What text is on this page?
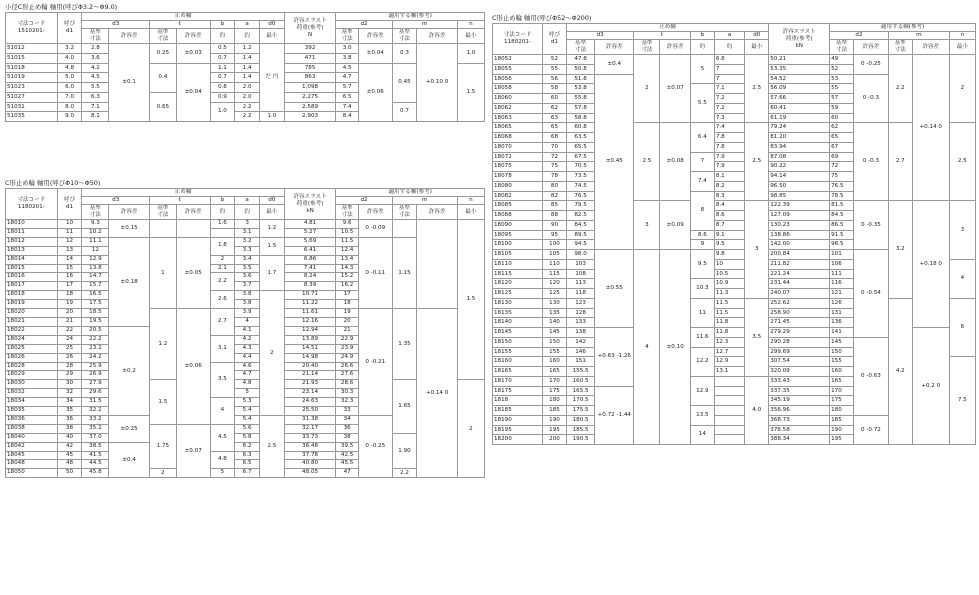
小径C形止め輪 軸用(呼びΦ3.2〜Φ9.0)
寸法コード
1510201-	呼び
d1	止め輪							許容スラスト
荷重(参考)
N	適用する軸(参考)				
		d3		t		b	a	d0		d2		m		n
		基準
寸法	許容差	基準
寸法	許容差	約	約	最小		基準
寸法	許容差	基準
寸法	許容差	最小
51012	3.2	2.8	±0.1	0.25	±0.03	0.5	1.2	だ 円	392	3.0	±0.04	0.3	+0.10 0	1.0
51015	4.0	3.6				0.7	1.4		471	3.8				
51018	4.8	4.2		0.4	±0.04	1.1	1.4		785	4.5	±0.06	0.45		1.5
51019	5.0	4.5				0.7	1.4		863	4.7				
51023	6.0	5.5				0.8	2.0		1,098	5.7				
51027	7.0	6.3		0.65		0.9	2.0		2,275	6.5				
51031	8.0	7.1				1.0	2.2		2,589	7.4		0.7		
51035	9.0	8.1					2.2	1.0	2,903	8.4				
C形止め輪 軸用(呼びΦ10〜Φ50)
寸法コード
1180201-	呼び
d1	止め輪							許容スラスト
荷重(参考)
kN	適用する軸(参考)				
		d3		t		b	a	d0		d2		m		n
		基準
寸法	許容差	基準
寸法	許容差	約	約	最小		基準
寸法	許容差	基準
寸法	許容差	最小
18010	10	9.3	±0.15			1.6	3	1.2	4.81	9.6	0 -0.09			1.5
18011	11	10.2					3.1		5.27	10.5				
18012	12	11.1	±0.18	1	±0.05	1.8	3.2	1.5	5.69	11.5	0 -0.11	1.15		
18013	13	12					3.3		6.41	12.4				
18014	14	12.9				2	3.4	1.7	6.86	13.4				
18015	15	13.8				2.1	3.5		7.41	14.3				
18016	16	14.7				2.2	3.6		8.24	15.2				
18017	17	15.7					3.7		8.39	16.2				
18018	18	16.5				2.6	3.8	2	10.71	17				
18019	19	17.5					3.8		11.22	18				
18020	20	18.5		1.2	±0.06	2.7	3.9		11.61	19	0 -0.21	1.35	+0.14 0	
18021	21	19.5					4		12.16	20				
18022	22	20.5	±0.2				4.1		12.94	21				
18024	24	22.2				3.1	4.2		13.89	22.9				
18025	25	23.2					4.3		14.51	23.9				
18026	26	24.2					4.4		14.98	24.9				
18028	28	25.9				3.5	4.6		20.40	26.6				
18029	29	26.9					4.7		21.14	27.6				
18030	30	27.9		1.5			4.8		21.93	28.6		1.65		2
18032	32	29.6					5		23.14	30.3				
18034	34	31.5				4	5.3		24.63	32.3				
18035	35	32.2					5.4		25.50	33				
18036	36	33.2	±0.25				5.4	2.5	31.38	34	0 -0.25			
18038	38	35.2		1.75	±0.07	4.5	5.6		32.17	36				
18040	40	37.0					5.8		33.73	38		1.90		
18042	42	38.5	±0.4				6.2		36.48	39.5				
18045	45	41.5				4.8	6.3		37.78	42.5				
18048	48	44.5					6.5		40.80	45.5				
18050	50	45.8		2		5	6.7		48.05	47		2.2		
C形止め輪 軸用(呼びΦ52〜Φ200)
寸法コード
1180201-	呼び
d1	止め輪							許容スラスト
荷重(参考)
kN	適用する軸(参考)				
		d3		t		b	a	d0		d2		m		n
		基準
寸法	許容差	基準
寸法	許容差	約	約	最小		基準
寸法	許容差	基準
寸法	許容差	最小
18052	52	47.8	±0.4	2	±0.07	5	6.8	2.5	50.21	49	0 -0.25	2.2	+0.14 0	2
18055	55	50.8					7		53.35	52				
18056	56	51.8	±0.45				7		54.52	53	0 -0.3			
18058	58	53.8				5.5	7.1		56.09	55				
18060	60	55.8					7.2		57.66	57				
18062	62	57.8					7.2		60.41	59				
18063	63	58.8					7.3		61.19	60				
18065	65	60.8		2.5	±0.08	6.4	7.4	2.5	79.24	62	0 -0.3	2.7		2.5
18068	68	63.5					7.8		81.20	65				
18070	70	65.5					7.8		83.94	67				
18072	72	67.5				7	7.9		87.08	69				
18075	75	70.5					7.9		90.22	72				
18078	78	73.5				7.4	8.1		94.14	75				
18080	80	74.5					8.2		96.50	76.5				
18082	82	76.5				8	8.3		98.85	78.5				
18085	85	79.5		3	±0.09		8.4	3	122.39	81.5	0 -0.35	3.2	+0.18 0	3
18088	88	82.5					8.6		127.09	84.5				
18090	90	84.5					8.7		130.23	86.5				
18095	95	89.5				8.6	9.1		138.86	91.5				
18100	100	94.5				9	9.5		142.00	96.5				
18105	105	98.0	±0.55	4	±0.10	9.5	9.8		200.84	101	0 -0.54			
18110	110	103					10		211.82	106				4
18115	115	108					10.5		221.24	111				
18120	120	113				10.3	10.9		231.44	116				
18125	125	118					11.3		240.07	121				
18130	130	123				11	11.5	3.5	252.62	126		4.2		6
18135	135	128					11.5		258.90	131				
18140	140	133					11.8		271.45	136				
18145	145	138	+0.63 -1.26			11.6	11.8		279.29	141			+0.2 0	
18150	150	142					12.3		290.28	145	0 -0.63			
18155	155	146				12.2	12.7		299.69	150				
18160	160	151					12.9		307.54	155				7.5
18165	165	155.5					13.1		320.09	160				
18170	170	160.5				12.9		4.0	333.43	165				
18175	175	165.5	+0.72 -1.44						337.35	170				
1818	180	170.5							345.19	175				
18185	185	175.5				13.5			356.96	180				
18190	190	180.5							368.73	185	0 -0.72			
18195	195	185.5				14			376.58	190				
18200	200	190.5							388.34	195				
